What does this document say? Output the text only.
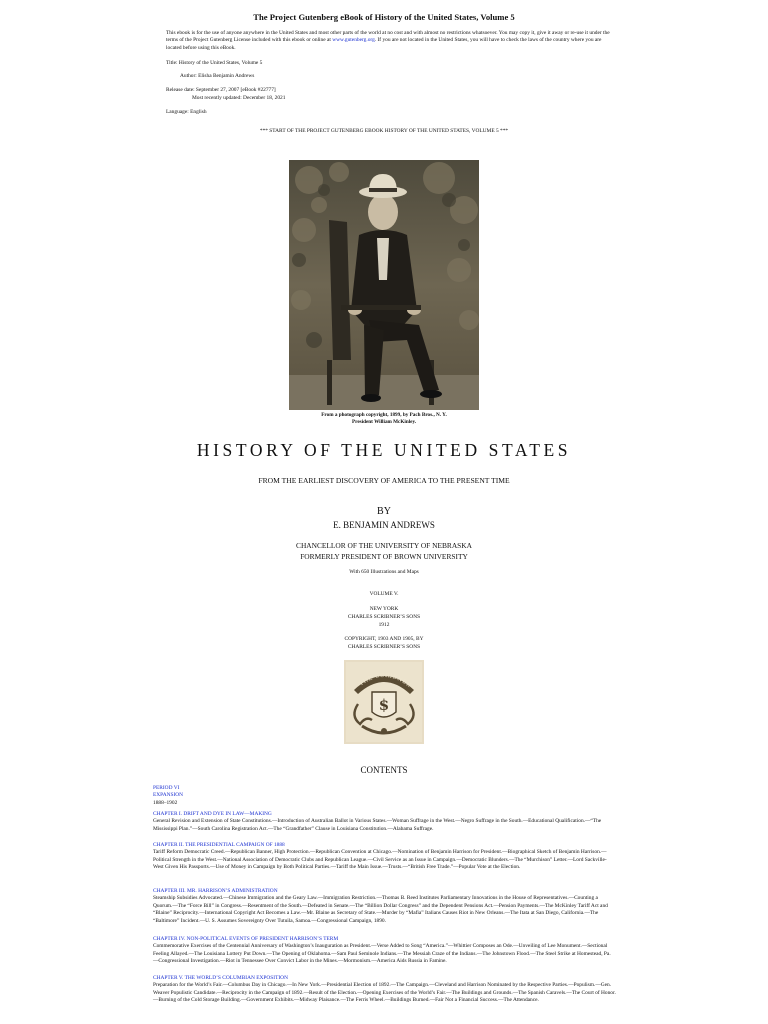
The Project Gutenberg eBook of History of the United States, Volume 5
This ebook is for the use of anyone anywhere in the United States and most other parts of the world at no cost and with almost no restrictions whatsoever. You may copy it, give it away or re-use it under the terms of the Project Gutenberg License included with this ebook or online at www.gutenberg.org. If you are not located in the United States, you will have to check the laws of the country where you are located before using this eBook.
Title: History of the United States, Volume 5
Author: Elisha Benjamin Andrews
Release date: September 27, 2007 [eBook #22777]
Most recently updated: December 18, 2021
Language: English
*** START OF THE PROJECT GUTENBERG EBOOK HISTORY OF THE UNITED STATES, VOLUME 5 ***
From a photograph copyright, 1899, by Pach Bros., N. Y.
President William McKinley.
HISTORY OF THE UNITED STATES
FROM THE EARLIEST DISCOVERY OF AMERICA TO THE PRESENT TIME
BY
E. BENJAMIN ANDREWS
CHANCELLOR OF THE UNIVERSITY OF NEBRASKA
FORMERLY PRESIDENT OF BROWN UNIVERSITY
With 650 Illustrations and Maps
VOLUME V.
NEW YORK
CHARLES SCRIBNER’S SONS
1912
COPYRIGHT, 1903 AND 1905, BY
CHARLES SCRIBNER’S SONS
THE SCRIBNER
$
CONTENTS
PERIOD VI
EXPANSION
1888–1902
CHAPTER I. DRIFT AND DYE IN LAW—MAKING
General Revision and Extension of State Constitutions.—Introduction of Australian Ballot in Various States.—Woman Suffrage in the West.—Negro Suffrage in the South.—Educational Qualification.—“The Mississippi Plan.”—South Carolina Registration Act.—The “Grandfather” Clause in Louisiana Constitution.—Alabama Suffrage.
CHAPTER II. THE PRESIDENTIAL CAMPAIGN OF 1888
Tariff Reform Democratic Creed.—Republican Banner, High Protection.—Republican Convention at Chicago.—Nomination of Benjamin Harrison for President.—Biographical Sketch of Benjamin Harrison.—Political Strength in the West.—National Association of Democratic Clubs and Republican League.—Civil Service as an Issue in Campaign.—Democratic Blunders.—The “Murchison” Letter.—Lord Sackville-West Given His Passports.—Use of Money in Campaign by Both Political Parties.—Tariff the Main Issue.—Trusts.—“British Free Trade.”—Popular Vote at the Election.
CHAPTER III. MR. HARRISON’S ADMINISTRATION
Steamship Subsidies Advocated.—Chinese Immigration and the Geary Law.—Immigration Restriction.—Thomas B. Reed Institutes Parliamentary Innovations in the House of Representatives.—Counting a Quorum.—The “Force Bill” in Congress.—Resentment of the South.—Defeated in Senate.—The “Billion Dollar Congress” and the Dependent Pensions Act.—Pension Payments.—The McKinley Tariff Act and “Blaine” Reciprocity.—International Copyright Act Becomes a Law.—Mr. Blaine as Secretary of State.—Murder by “Mafia” Italians Causes Riot in New Orleans.—The Itata at San Diego, California.—The “Baltimore” Incident.—U. S. Assumes Sovereignty Over Tutuila, Samoa.—Congressional Campaign, 1890.
CHAPTER IV. NON-POLITICAL EVENTS OF PRESIDENT HARRISON’S TERM
Commemorative Exercises of the Centennial Anniversary of Washington’s Inauguration as President.—Verse Added to Song “America.”—Whittier Composes an Ode.—Unveiling of Lee Monument.—Sectional Feeling Allayed.—The Louisiana Lottery Put Down.—The Opening of Oklahoma.—Sam Paul Seminole Indians.—The Messiah Craze of the Indians.—The Johnstown Flood.—The Steel Strike at Homestead, Pa.—Congressional Investigation.—Riot in Tennessee Over Convict Labor in the Mines.—Mormonism.—America Aids Russia in Famine.
CHAPTER V. THE WORLD’S COLUMBIAN EXPOSITION
Preparation for the World’s Fair.—Columbus Day in Chicago.—In New York.—Presidential Election of 1892.—The Campaign.—Cleveland and Harrison Nominated by the Respective Parties.—Populism.—Gen. Weaver Populistic Candidate.—Reciprocity in the Campaign of 1892.—Result of the Election.—Opening Exercises of the World’s Fair.—The Buildings and Grounds.—The Spanish Caravels.—The Court of Honor.—Burning of the Cold Storage Building.—Government Exhibits.—Midway Plaisance.—The Ferris Wheel.—Buildings Burned.—Fair Not a Financial Success.—The Attendance.
